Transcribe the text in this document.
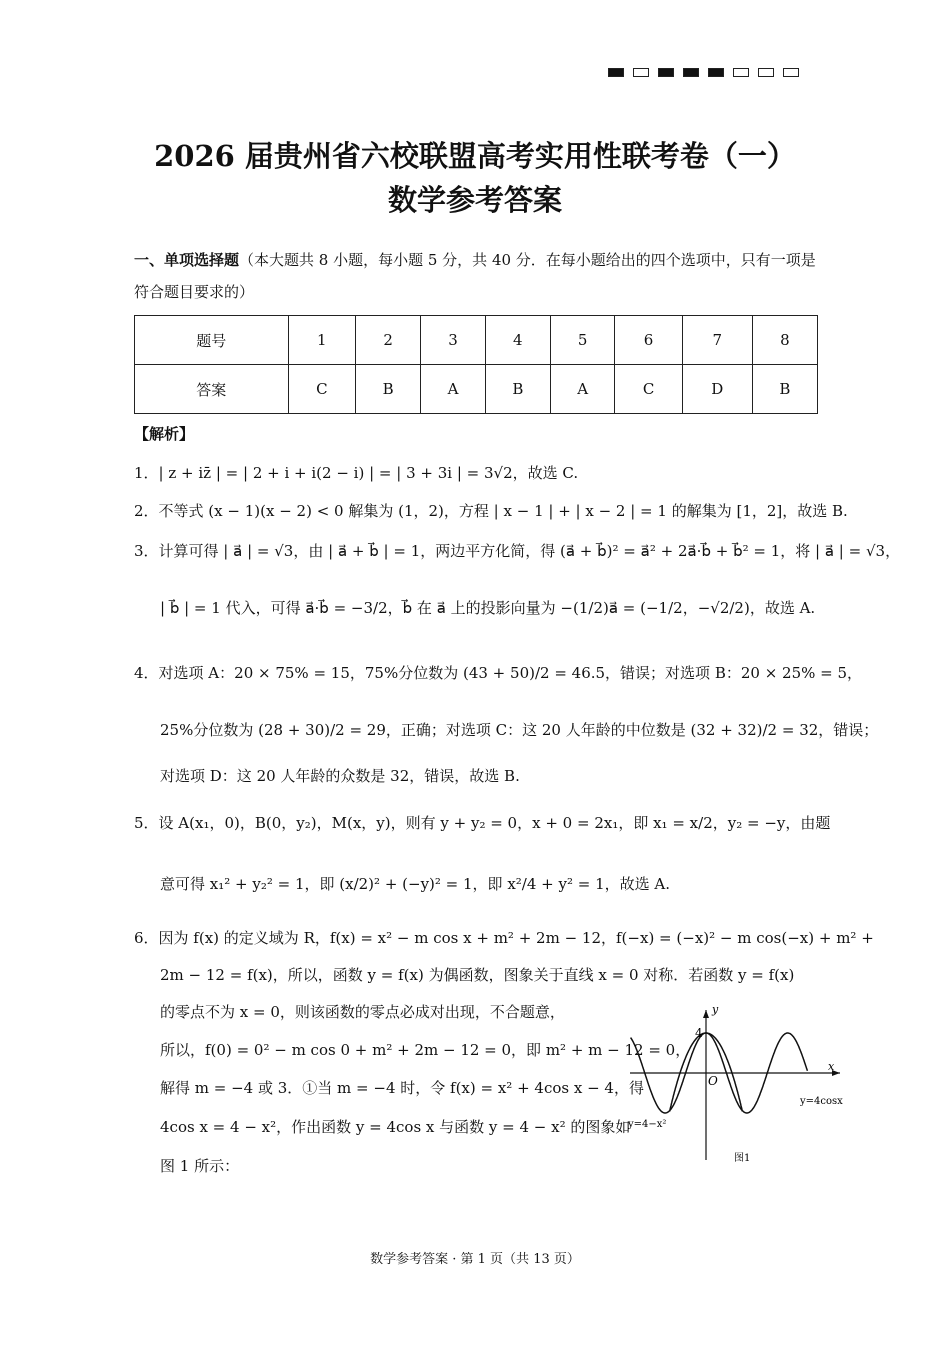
2026 届贵州省六校联盟高考实用性联考卷（一）
数学参考答案
一、单项选择题（本大题共 8 小题，每小题 5 分，共 40 分．在每小题给出的四个选项中，只有一项是符合题目要求的）
题号	1	2	3	4	5	6	7	8
答案	C	B	A	B	A	C	D	B
【解析】
1．| z + iz̄ | = | 2 + i + i(2 − i) | = | 3 + 3i | = 3√2，故选 C.
2．不等式 (x − 1)(x − 2) < 0 解集为 (1，2)，方程 | x − 1 | + | x − 2 | = 1 的解集为 [1，2]，故选 B.
3．计算可得 | a⃗ | = √3，由 | a⃗ + b⃗ | = 1，两边平方化简，得 (a⃗ + b⃗)² = a⃗² + 2a⃗·b⃗ + b⃗² = 1，将 | a⃗ | = √3，
| b⃗ | = 1 代入，可得 a⃗·b⃗ = −3/2，b⃗ 在 a⃗ 上的投影向量为 −(1/2)a⃗ = (−1/2，−√2/2)，故选 A.
4．对选项 A：20 × 75% = 15，75%分位数为 (43 + 50)/2 = 46.5，错误；对选项 B：20 × 25% = 5，
25%分位数为 (28 + 30)/2 = 29，正确；对选项 C：这 20 人年龄的中位数是 (32 + 32)/2 = 32，错误；
对选项 D：这 20 人年龄的众数是 32，错误，故选 B.
5．设 A(x₁，0)，B(0，y₂)，M(x，y)，则有 y + y₂ = 0，x + 0 = 2x₁，即 x₁ = x/2，y₂ = −y，由题
意可得 x₁² + y₂² = 1，即 (x/2)² + (−y)² = 1，即 x²/4 + y² = 1，故选 A.
6．因为 f(x) 的定义域为 R，f(x) = x² − m cos x + m² + 2m − 12，f(−x) = (−x)² − m cos(−x) + m² +
2m − 12 = f(x)，所以，函数 y = f(x) 为偶函数，图象关于直线 x = 0 对称．若函数 y = f(x)
的零点不为 x = 0，则该函数的零点必成对出现，不合题意，
所以，f(0) = 0² − m cos 0 + m² + 2m − 12 = 0，即 m² + m − 12 = 0，
解得 m = −4 或 3．①当 m = −4 时，令 f(x) = x² + 4cos x − 4，得
4cos x = 4 − x²，作出函数 y = 4cos x 与函数 y = 4 − x² 的图象如
图 1 所示：
y
x
4
O
y=4cosx
y=4−x²
图1
数学参考答案 · 第 1 页（共 13 页）
